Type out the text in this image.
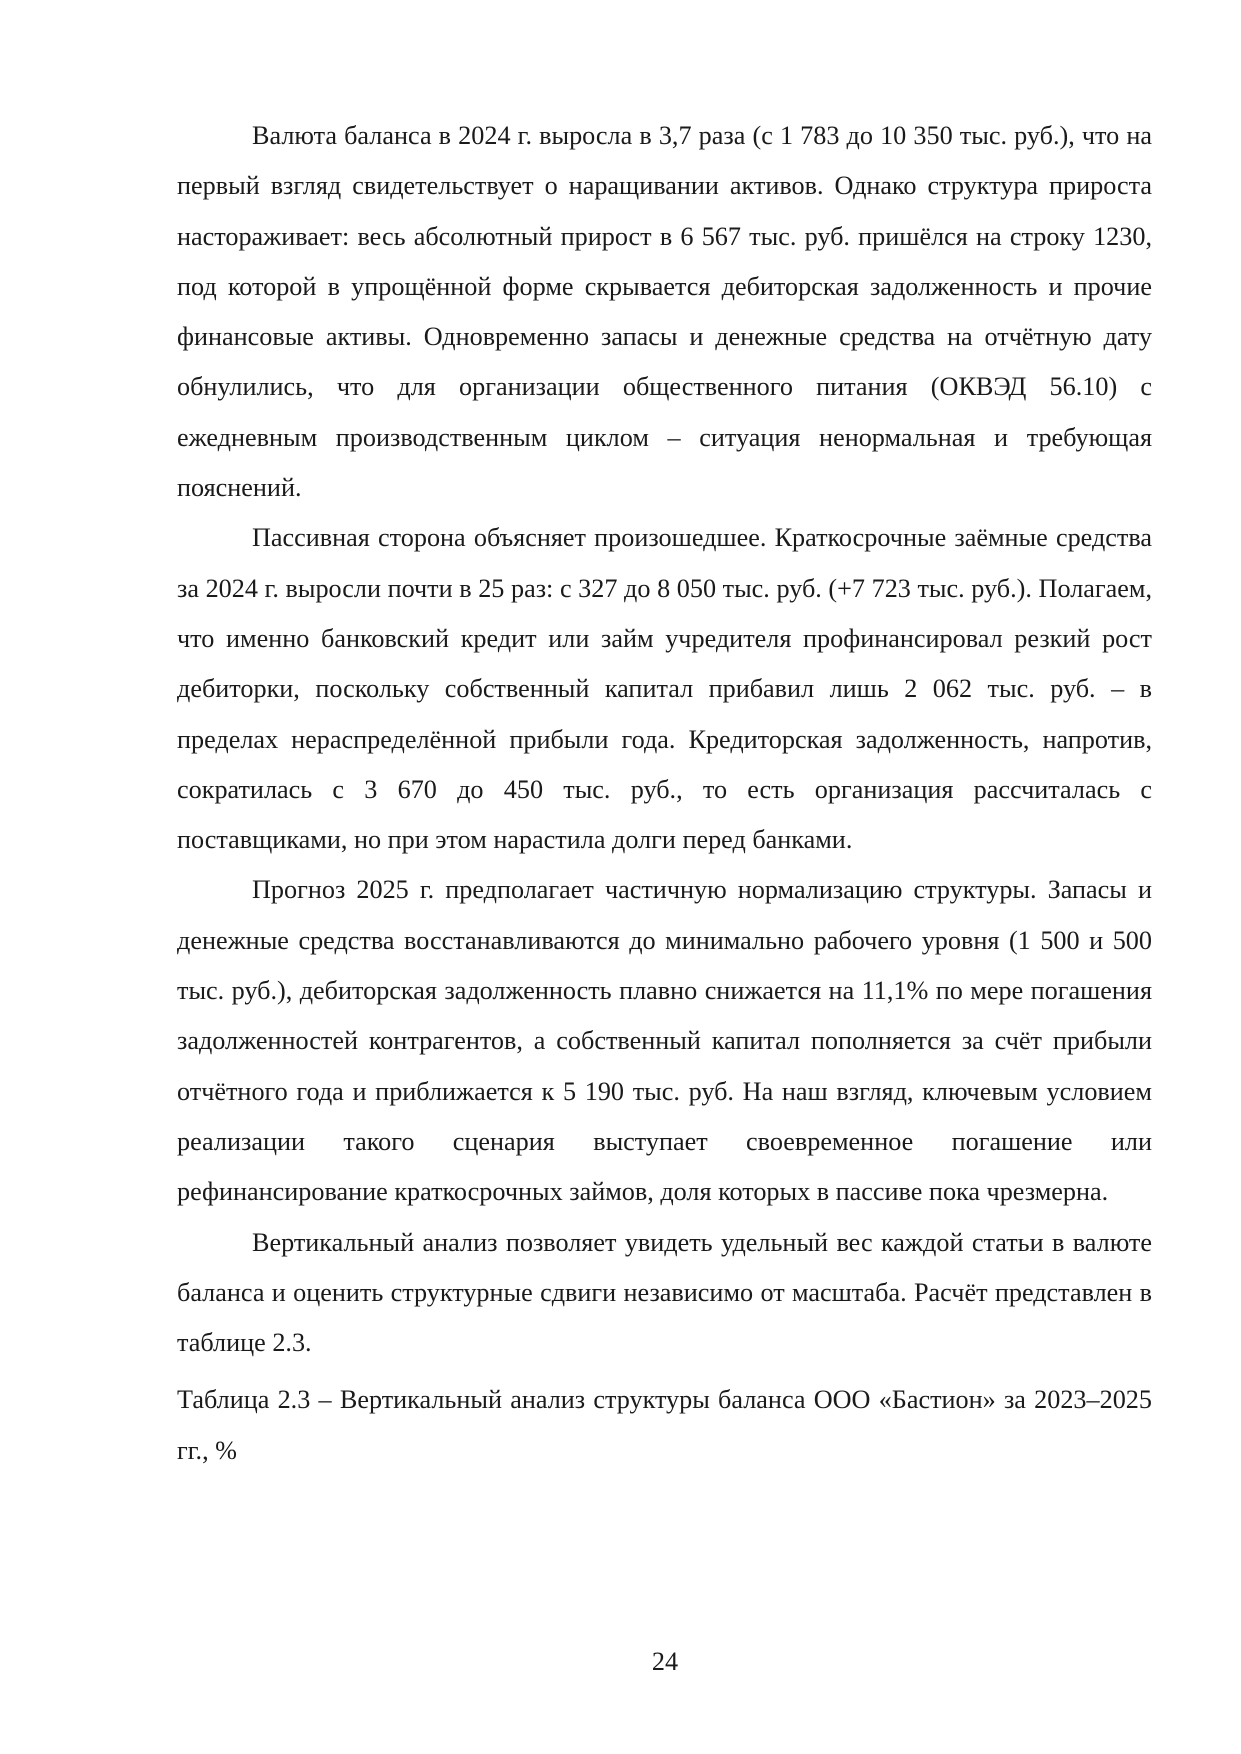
Валюта баланса в 2024 г. выросла в 3,7 раза (с 1 783 до 10 350 тыс. руб.), что на первый взгляд свидетельствует о наращивании активов. Однако структура прироста настораживает: весь абсолютный прирост в 6 567 тыс. руб. пришёлся на строку 1230, под которой в упрощённой форме скрывается дебиторская задолженность и прочие финансовые активы. Одновременно запасы и денежные средства на отчётную дату обнулились, что для организации общественного питания (ОКВЭД 56.10) с ежедневным производственным циклом – ситуация ненормальная и требующая пояснений.

Пассивная сторона объясняет произошедшее. Краткосрочные заёмные средства за 2024 г. выросли почти в 25 раз: с 327 до 8 050 тыс. руб. (+7 723 тыс. руб.). Полагаем, что именно банковский кредит или займ учредителя профинансировал резкий рост дебиторки, поскольку собственный капитал прибавил лишь 2 062 тыс. руб. – в пределах нераспределённой прибыли года. Кредиторская задолженность, напротив, сократилась с 3 670 до 450 тыс. руб., то есть организация рассчиталась с поставщиками, но при этом нарастила долги перед банками.

Прогноз 2025 г. предполагает частичную нормализацию структуры. Запасы и денежные средства восстанавливаются до минимально рабочего уровня (1 500 и 500 тыс. руб.), дебиторская задолженность плавно снижается на 11,1% по мере погашения задолженностей контрагентов, а собственный капитал пополняется за счёт прибыли отчётного года и приближается к 5 190 тыс. руб. На наш взгляд, ключевым условием реализации такого сценария выступает своевременное погашение или рефинансирование краткосрочных займов, доля которых в пассиве пока чрезмерна.

Вертикальный анализ позволяет увидеть удельный вес каждой статьи в валюте баланса и оценить структурные сдвиги независимо от масштаба. Расчёт представлен в таблице 2.3.

Таблица 2.3 – Вертикальный анализ структуры баланса ООО «Бастион» за 2023–2025 гг., %

24
